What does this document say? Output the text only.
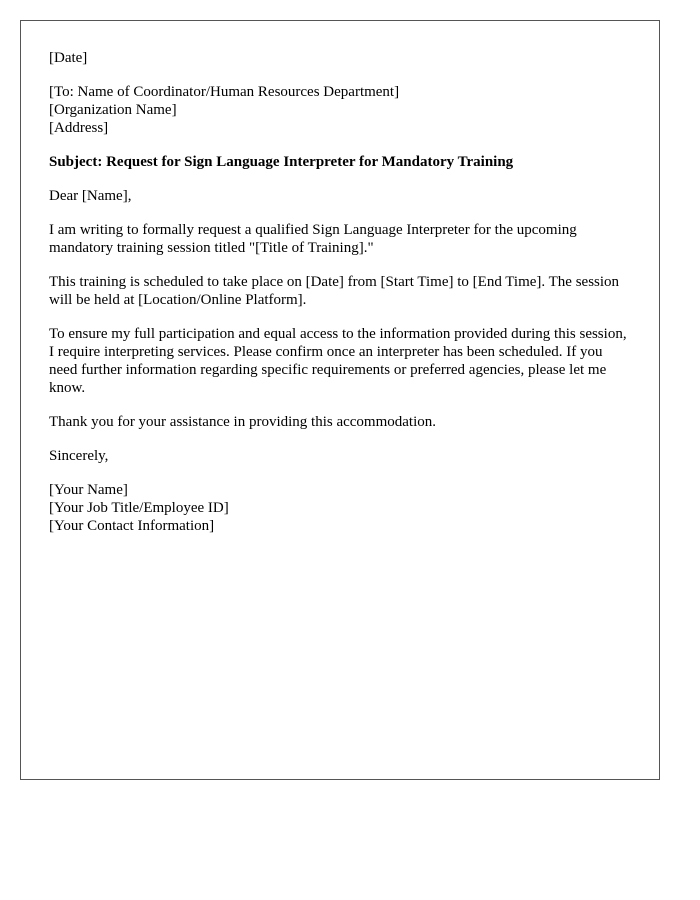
[Date]

[To: Name of Coordinator/Human Resources Department]
[Organization Name]
[Address]

Subject: Request for Sign Language Interpreter for Mandatory Training

Dear [Name],

I am writing to formally request a qualified Sign Language Interpreter for the upcoming mandatory training session titled "[Title of Training]."

This training is scheduled to take place on [Date] from [Start Time] to [End Time]. The session will be held at [Location/Online Platform].

To ensure my full participation and equal access to the information provided during this session, I require interpreting services. Please confirm once an interpreter has been scheduled. If you need further information regarding specific requirements or preferred agencies, please let me know.

Thank you for your assistance in providing this accommodation.

Sincerely,

[Your Name]
[Your Job Title/Employee ID]
[Your Contact Information]
